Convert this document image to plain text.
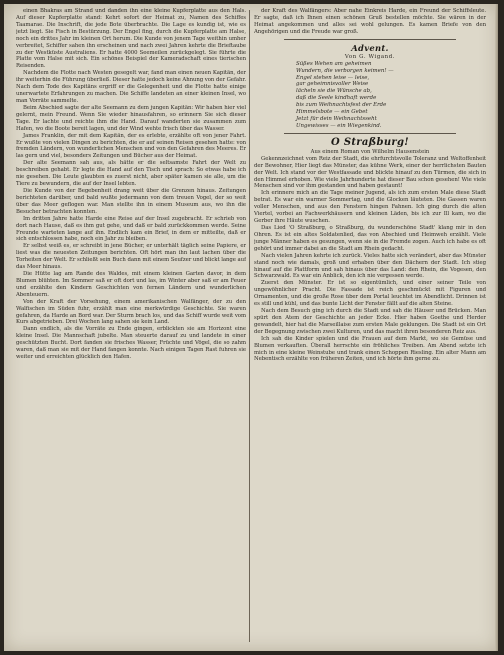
einen Bhakras am Strand und danden ihn eine kleine Kupferplatte aus den Hals. Auf dieser Kupferplatte stand: Kehrt sofort der Heimat zu, Namen des Schiffes Taamarae. Die Inschrift, die jede Bote überbrachte. Die Lage es kundig ist, wie es jetzt liegt. Sie Fisch in Bestürzung. Der Engel fing, durch die Kupferplatte am Halse, noch ein drittes Jahr im kleinen Ort herum. Die Kunde von jenem Tage weithin umher verbreitet, Schiffer sahen ihn erscheinen und nach zwei Jahren kehrte die Brieftaube zu der Westküste Australiens. Er hatte 4000 Seemeilen zurückgelegt. Sie führte die Platte vom Halse mit sich. Ein schönes Beispiel der Kameradschaft eines tierischen Reisenden.

Nachdem die Flotte nach Westen gesegelt war, fand man einen neuen Kapitän, der ihr weiterhin die Führung überließ. Dieser hatte jedoch keine Ahnung von der Gefahr. Nach dem Tode des Kapitäns ergriff er die Gelegenheit und die Flotte hatte einige unerwartete Erfahrungen zu machen. Die Schiffe landeten an einer kleinen Insel, wo man Vorräte sammelte.

Beim Abschied sagte der alte Seemann zu dem jungen Kapitän: Wir haben hier viel gelernt, mein Freund. Wenn Sie wieder hinausfahren, so erinnern Sie sich dieser Tage. Er lachte und reichte ihm die Hand. Darauf wanderten sie zusammen zum Hafen, wo die Boote bereit lagen, und der Wind wehte frisch über das Wasser.

James Franklin, der mit dem Kapitän, der es erlebte, erzählte oft von jener Fahrt. Er wußte von vielen Dingen zu berichten, die er auf seinen Reisen gesehen hatte: von fremden Ländern, von wunderlichen Menschen und von den Gefahren des Meeres. Er las gern und viel, besonders Zeitungen und Bücher aus der Heimat.

Der alte Seemann sah aus, als hätte er die seltsamste Fahrt der Welt zu beschreiben gehabt. Er legte die Hand auf den Tisch und sprach: So etwas habe ich nie gesehen. Die Leute glaubten es zuerst nicht, aber später kamen sie alle, um die Tiere zu bewundern, die auf der Insel lebten.

Die Kunde von der Begebenheit drang weit über die Grenzen hinaus. Zeitungen berichteten darüber, und bald wußte jedermann von dem treuen Vogel, der so weit über das Meer geflogen war. Man stellte ihn in einem Museum aus, wo ihn die Besucher betrachten konnten.

Im dritten Jahre hatte Harde eine Reise auf der Insel zugebracht. Er schrieb von dort nach Hause, daß es ihm gut gehe, und daß er bald zurückkommen werde. Seine Freunde warteten lange auf ihn. Endlich kam ein Brief, in dem er mitteilte, daß er sich entschlossen habe, noch ein Jahr zu bleiben.

Er selbst weiß es, er schreibt in jene Bücher, er unterhält täglich seine Papiere, er liest was die neuesten Zeitungen berichten. Oft hört man ihn laut lachen über die Torheiten der Welt. Er schließt sein Buch dann mit einem Seufzer und blickt lange auf das Meer hinaus.

Die Hütte lag am Rande des Waldes, mit einem kleinen Garten davor, in dem Blumen blühten. Im Sommer saß er oft dort und las, im Winter aber saß er am Feuer und erzählte den Kindern Geschichten von fernen Ländern und wunderlichen Abenteuern.

Von der Kraft der Vorsehung, einem amerikanischen Walfänger, der zu den Walfischen im Süden fuhr, erzählt man eine merkwürdige Geschichte. Sie waren gefahren, da Harde an Bord war. Der Sturm brach los, und das Schiff wurde weit vom Kurs abgetrieben. Drei Wochen lang sahen sie kein Land.

Dann endlich, als die Vorräte zu Ende gingen, erblickten sie am Horizont eine kleine Insel. Die Mannschaft jubelte. Man steuerte darauf zu und landete in einer geschützten Bucht. Dort fanden sie frisches Wasser, Früchte und Vögel, die so zahm waren, daß man sie mit der Hand fangen konnte. Nach einigen Tagen Rast fuhren sie weiter und erreichten glücklich den Hafen.

der Kraft des Walfängers: Aber nahe Einkreis Harde, ein Freund der Schiffsleute. Er sagte, daß ich Ihnen einen schönen Gruß bestellen möchte. Sie wären in der Heimat angekommen und alles sei wohl gelungen. Es kamen Briefe von den Angehörigen und die Freude war groß.

Advent.
Von G. Wigand.
Süßes Wehen am geheimen
Wundern, die verborgen keimen! —
Engel stehen leise — leise,
gar geheimnisvoller Weise
lächeln sie die Wünsche ab,
daß die Seele kindhaft werde
bis zum Weihnachtsfest der Erde
Himmelsbote — ein Gebet
Jetzt für dein Weihnachtsseht
Ungewisses — ein Wiegenkind.
O Straßburg!
Aus einem Roman von Wilhelm Hausenstein

Gekennzeichnet vom Reiz der Stadt, die ehrfurchtsvolle Toleranz und Weltoffenheit der Bewohner, Hier liegt das Münster, das kühne Werk, einer der herrlichsten Bauten der Welt. Ich stand vor der Westfassade und blickte hinauf zu den Türmen, die sich in den Himmel erhoben. Wie viele Jahrhunderte hat dieser Bau schon gesehen! Wie viele Menschen sind vor ihm gestanden und haben gestaunt!

Ich erinnere mich an die Tage meiner Jugend, als ich zum ersten Male diese Stadt betrat. Es war ein warmer Sommertag, und die Glocken läuteten. Die Gassen waren voller Menschen, und aus den Fenstern hingen Fahnen. Ich ging durch die alten Viertel, vorbei an Fachwerkhäusern und kleinen Läden, bis ich zur Ill kam, wo die Gerber ihre Häute wuschen.

Das Lied 'O Straßburg, o Straßburg, du wunderschöne Stadt' klang mir in den Ohren. Es ist ein altes Soldatenlied, das von Abschied und Heimweh erzählt. Viele junge Männer haben es gesungen, wenn sie in die Fremde zogen. Auch ich habe es oft gehört und immer dabei an die Stadt am Rhein gedacht.

Nach vielen Jahren kehrte ich zurück. Vieles hatte sich verändert, aber das Münster stand noch wie damals, groß und erhaben über den Dächern der Stadt. Ich stieg hinauf auf die Plattform und sah hinaus über das Land: den Rhein, die Vogesen, den Schwarzwald. Es war ein Anblick, den ich nie vergessen werde.

Zuerst den Münster. Er ist so eigentümlich, und einer seiner Teile von ungewöhnlicher Pracht. Die Fassade ist reich geschmückt mit Figuren und Ornamenten, und die große Rose über dem Portal leuchtet im Abendlicht. Drinnen ist es still und kühl, und das bunte Licht der Fenster fällt auf die alten Steine.

Nach dem Besuch ging ich durch die Stadt und sah die Häuser und Brücken. Man spürt den Atem der Geschichte an jeder Ecke. Hier haben Goethe und Herder gewandelt, hier hat die Marseillaise zum ersten Male geklungen. Die Stadt ist ein Ort der Begegnung zwischen zwei Kulturen, und das macht ihren besonderen Reiz aus.

Ich sah die Kinder spielen und die Frauen auf dem Markt, wo sie Gemüse und Blumen verkauften. Überall herrschte ein fröhliches Treiben. Am Abend setzte ich mich in eine kleine Weinstube und trank einen Schoppen Riesling. Ein alter Mann am Nebentisch erzählte von früheren Zeiten, und ich hörte ihm gerne zu.
